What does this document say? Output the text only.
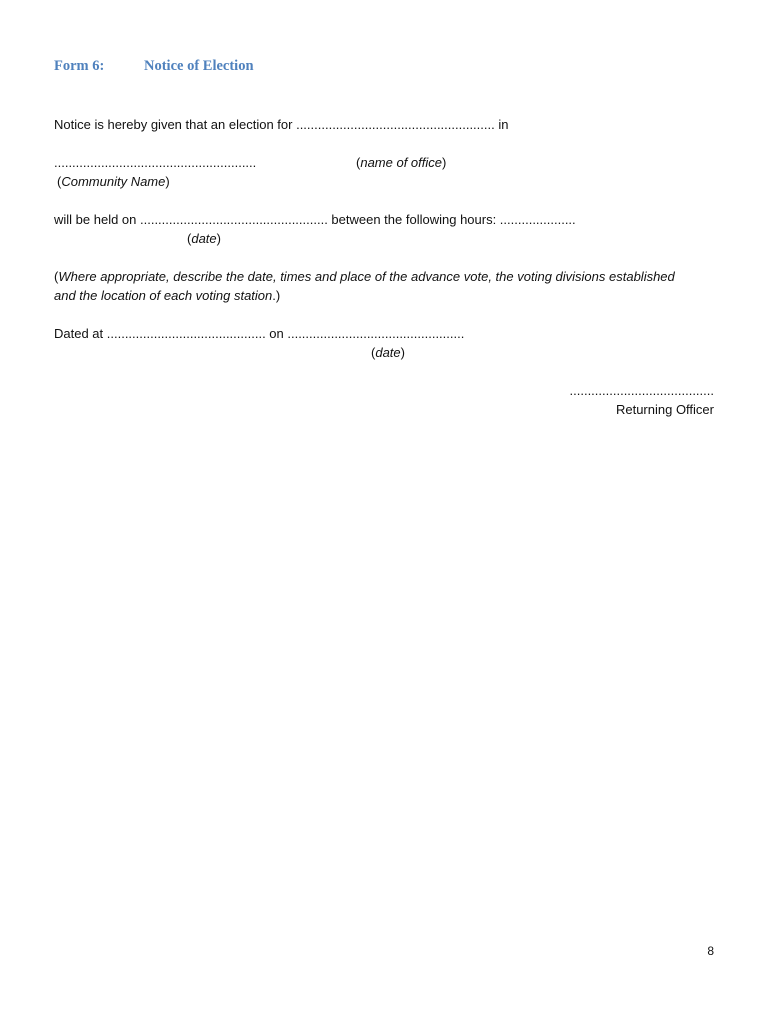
Form 6:	Notice of Election
Notice is hereby given that an election for ....................................................... in
........................................................	(name of office)
(Community Name)
will be held on .................................................... between the following hours: .....................
(date)
(Where appropriate, describe the date, times and place of the advance vote, the voting divisions established
and the location of each voting station.)
Dated at ............................................ on .................................................
(date)
........................................
Returning Officer
8
